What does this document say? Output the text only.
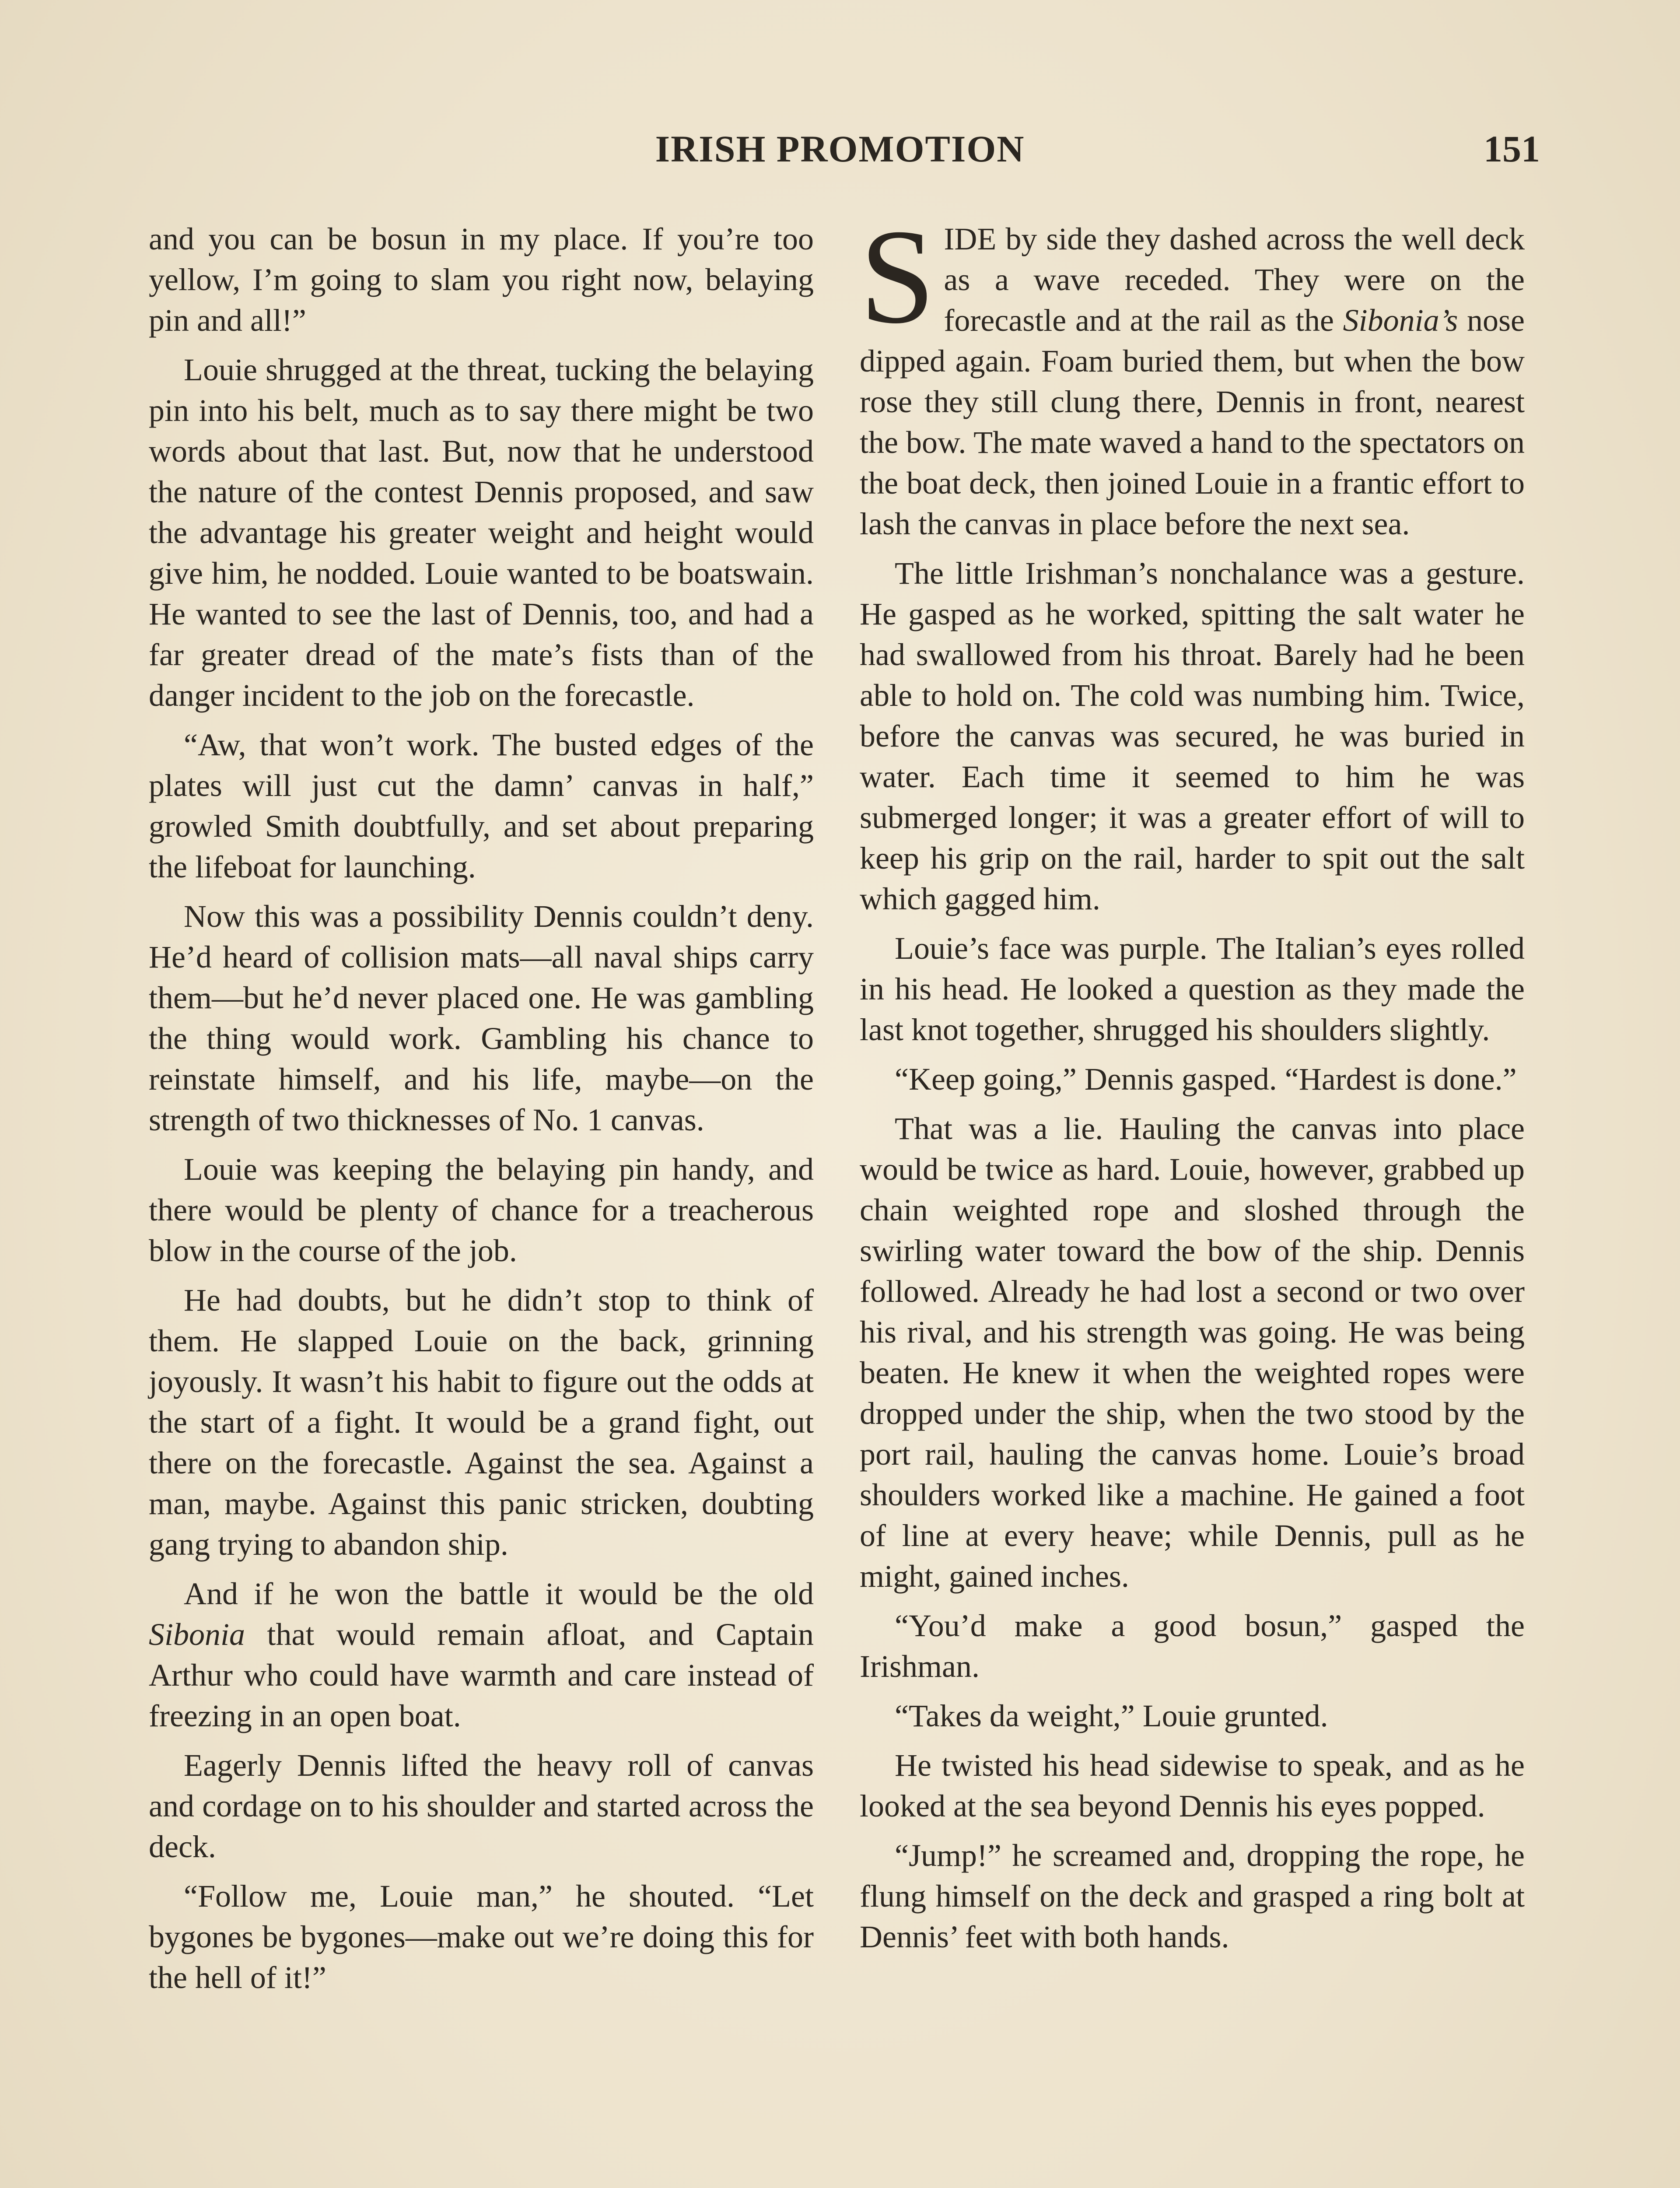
IRISH PROMOTION	151

and you can be bosun in my place. If you’re too yellow, I’m going to slam you right now, belaying pin and all!”

Louie shrugged at the threat, tucking the belaying pin into his belt, much as to say there might be two words about that last. But, now that he understood the nature of the contest Dennis proposed, and saw the advantage his greater weight and height would give him, he nodded. Louie wanted to be boatswain. He wanted to see the last of Dennis, too, and had a far greater dread of the mate’s fists than of the danger incident to the job on the forecastle.

“Aw, that won’t work. The busted edges of the plates will just cut the damn’ canvas in half,” growled Smith doubtfully, and set about preparing the lifeboat for launching.

Now this was a possibility Dennis couldn’t deny. He’d heard of collision mats—all naval ships carry them—but he’d never placed one. He was gambling the thing would work. Gambling his chance to reinstate himself, and his life, maybe—on the strength of two thicknesses of No. 1 canvas.

Louie was keeping the belaying pin handy, and there would be plenty of chance for a treacherous blow in the course of the job.

He had doubts, but he didn’t stop to think of them. He slapped Louie on the back, grinning joyously. It wasn’t his habit to figure out the odds at the start of a fight. It would be a grand fight, out there on the forecastle. Against the sea. Against a man, maybe. Against this panic stricken, doubting gang trying to abandon ship.

And if he won the battle it would be the old Sibonia that would remain afloat, and Captain Arthur who could have warmth and care instead of freezing in an open boat.

Eagerly Dennis lifted the heavy roll of canvas and cordage on to his shoulder and started across the deck.

“Follow me, Louie man,” he shouted. “Let bygones be bygones—make out we’re doing this for the hell of it!”

SIDE by side they dashed across the well deck as a wave receded. They were on the forecastle and at the rail as the Sibonia’s nose dipped again. Foam buried them, but when the bow rose they still clung there, Dennis in front, nearest the bow. The mate waved a hand to the spectators on the boat deck, then joined Louie in a frantic effort to lash the canvas in place before the next sea.

The little Irishman’s nonchalance was a gesture. He gasped as he worked, spitting the salt water he had swallowed from his throat. Barely had he been able to hold on. The cold was numbing him. Twice, before the canvas was secured, he was buried in water. Each time it seemed to him he was submerged longer; it was a greater effort of will to keep his grip on the rail, harder to spit out the salt which gagged him.

Louie’s face was purple. The Italian’s eyes rolled in his head. He looked a question as they made the last knot together, shrugged his shoulders slightly.

“Keep going,” Dennis gasped. “Hardest is done.”

That was a lie. Hauling the canvas into place would be twice as hard. Louie, however, grabbed up chain weighted rope and sloshed through the swirling water toward the bow of the ship. Dennis followed. Already he had lost a second or two over his rival, and his strength was going. He was being beaten. He knew it when the weighted ropes were dropped under the ship, when the two stood by the port rail, hauling the canvas home. Louie’s broad shoulders worked like a machine. He gained a foot of line at every heave; while Dennis, pull as he might, gained inches.

“You’d make a good bosun,” gasped the Irishman.

“Takes da weight,” Louie grunted.

He twisted his head sidewise to speak, and as he looked at the sea beyond Dennis his eyes popped.

“Jump!” he screamed and, dropping the rope, he flung himself on the deck and grasped a ring bolt at Dennis’ feet with both hands.
